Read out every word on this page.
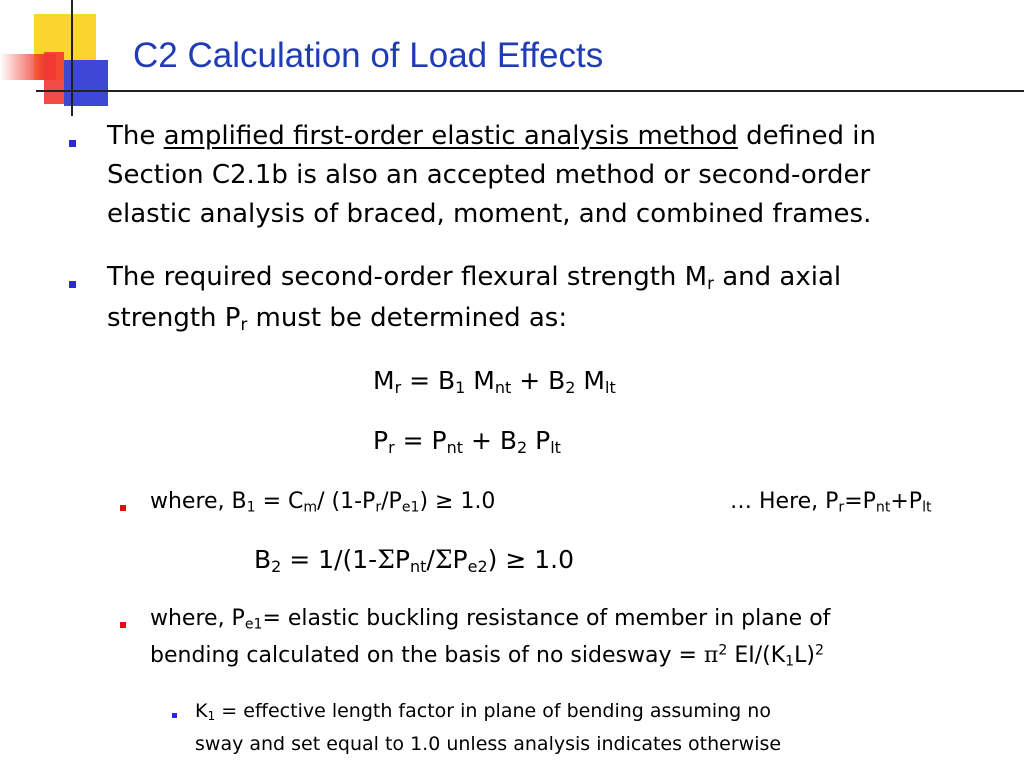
C2 Calculation of Load Effects
The amplified first-order elastic analysis method defined in
Section C2.1b is also an accepted method or second-order
elastic analysis of braced, moment, and combined frames.
The required second-order flexural strength $M_r$ and axial
strength $P_r$ must be determined as:
$M_r = B_1$ $M_{nt} + B_2$ $M_{lt}$
$P_r = P_{nt} + B_2$ $P_{lt}$
where, $B_1 = C_m/$ $(1-P_r/P_{e1}) \ge 1.0$	… Here, $P_r=P_{nt}+P_{lt}$
$B_2 = 1/(1-\Sigma P_{nt}/\Sigma P_{e2}) \ge 1.0$
where, $P_{e1}=$ elastic buckling resistance of member in plane of
bending calculated on the basis of no sidesway = $\pi^2$ $EI/(K_1L)^2$
$K_1$ = effective length factor in plane of bending assuming no
sway and set equal to 1.0 unless analysis indicates otherwise
